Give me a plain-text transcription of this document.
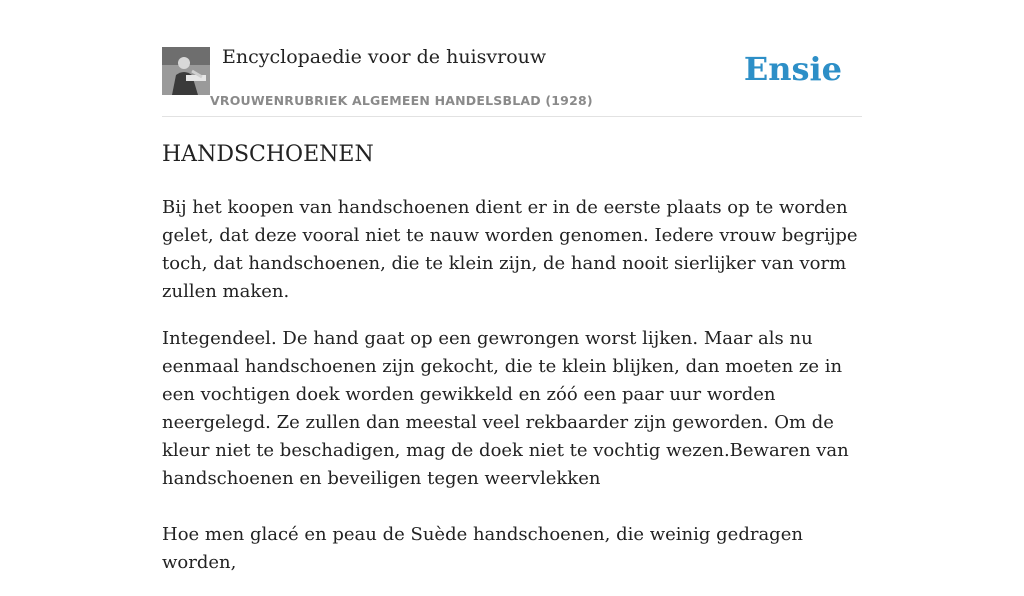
Encyclopaedie voor de huisvrouw

VROUWENRUBRIEK ALGEMEEN HANDELSBLAD (1928)

Ensie
HANDSCHOENEN

Bij het koopen van handschoenen dient er in de eerste plaats op te worden gelet, dat deze vooral niet te nauw worden genomen. Iedere vrouw begrijpe toch, dat handschoenen, die te klein zijn, de hand nooit sierlijker van vorm zullen maken.

Integendeel. De hand gaat op een gewrongen worst lijken. Maar als nu eenmaal handschoenen zijn gekocht, die te klein blijken, dan moeten ze in een vochtigen doek worden gewikkeld en zóó een paar uur worden neergelegd. Ze zullen dan meestal veel rekbaarder zijn geworden. Om de kleur niet te beschadigen, mag de doek niet te vochtig wezen.Bewaren van handschoenen en beveiligen tegen weervlekken

Hoe men glacé en peau de Suède handschoenen, die weinig gedragen worden,
